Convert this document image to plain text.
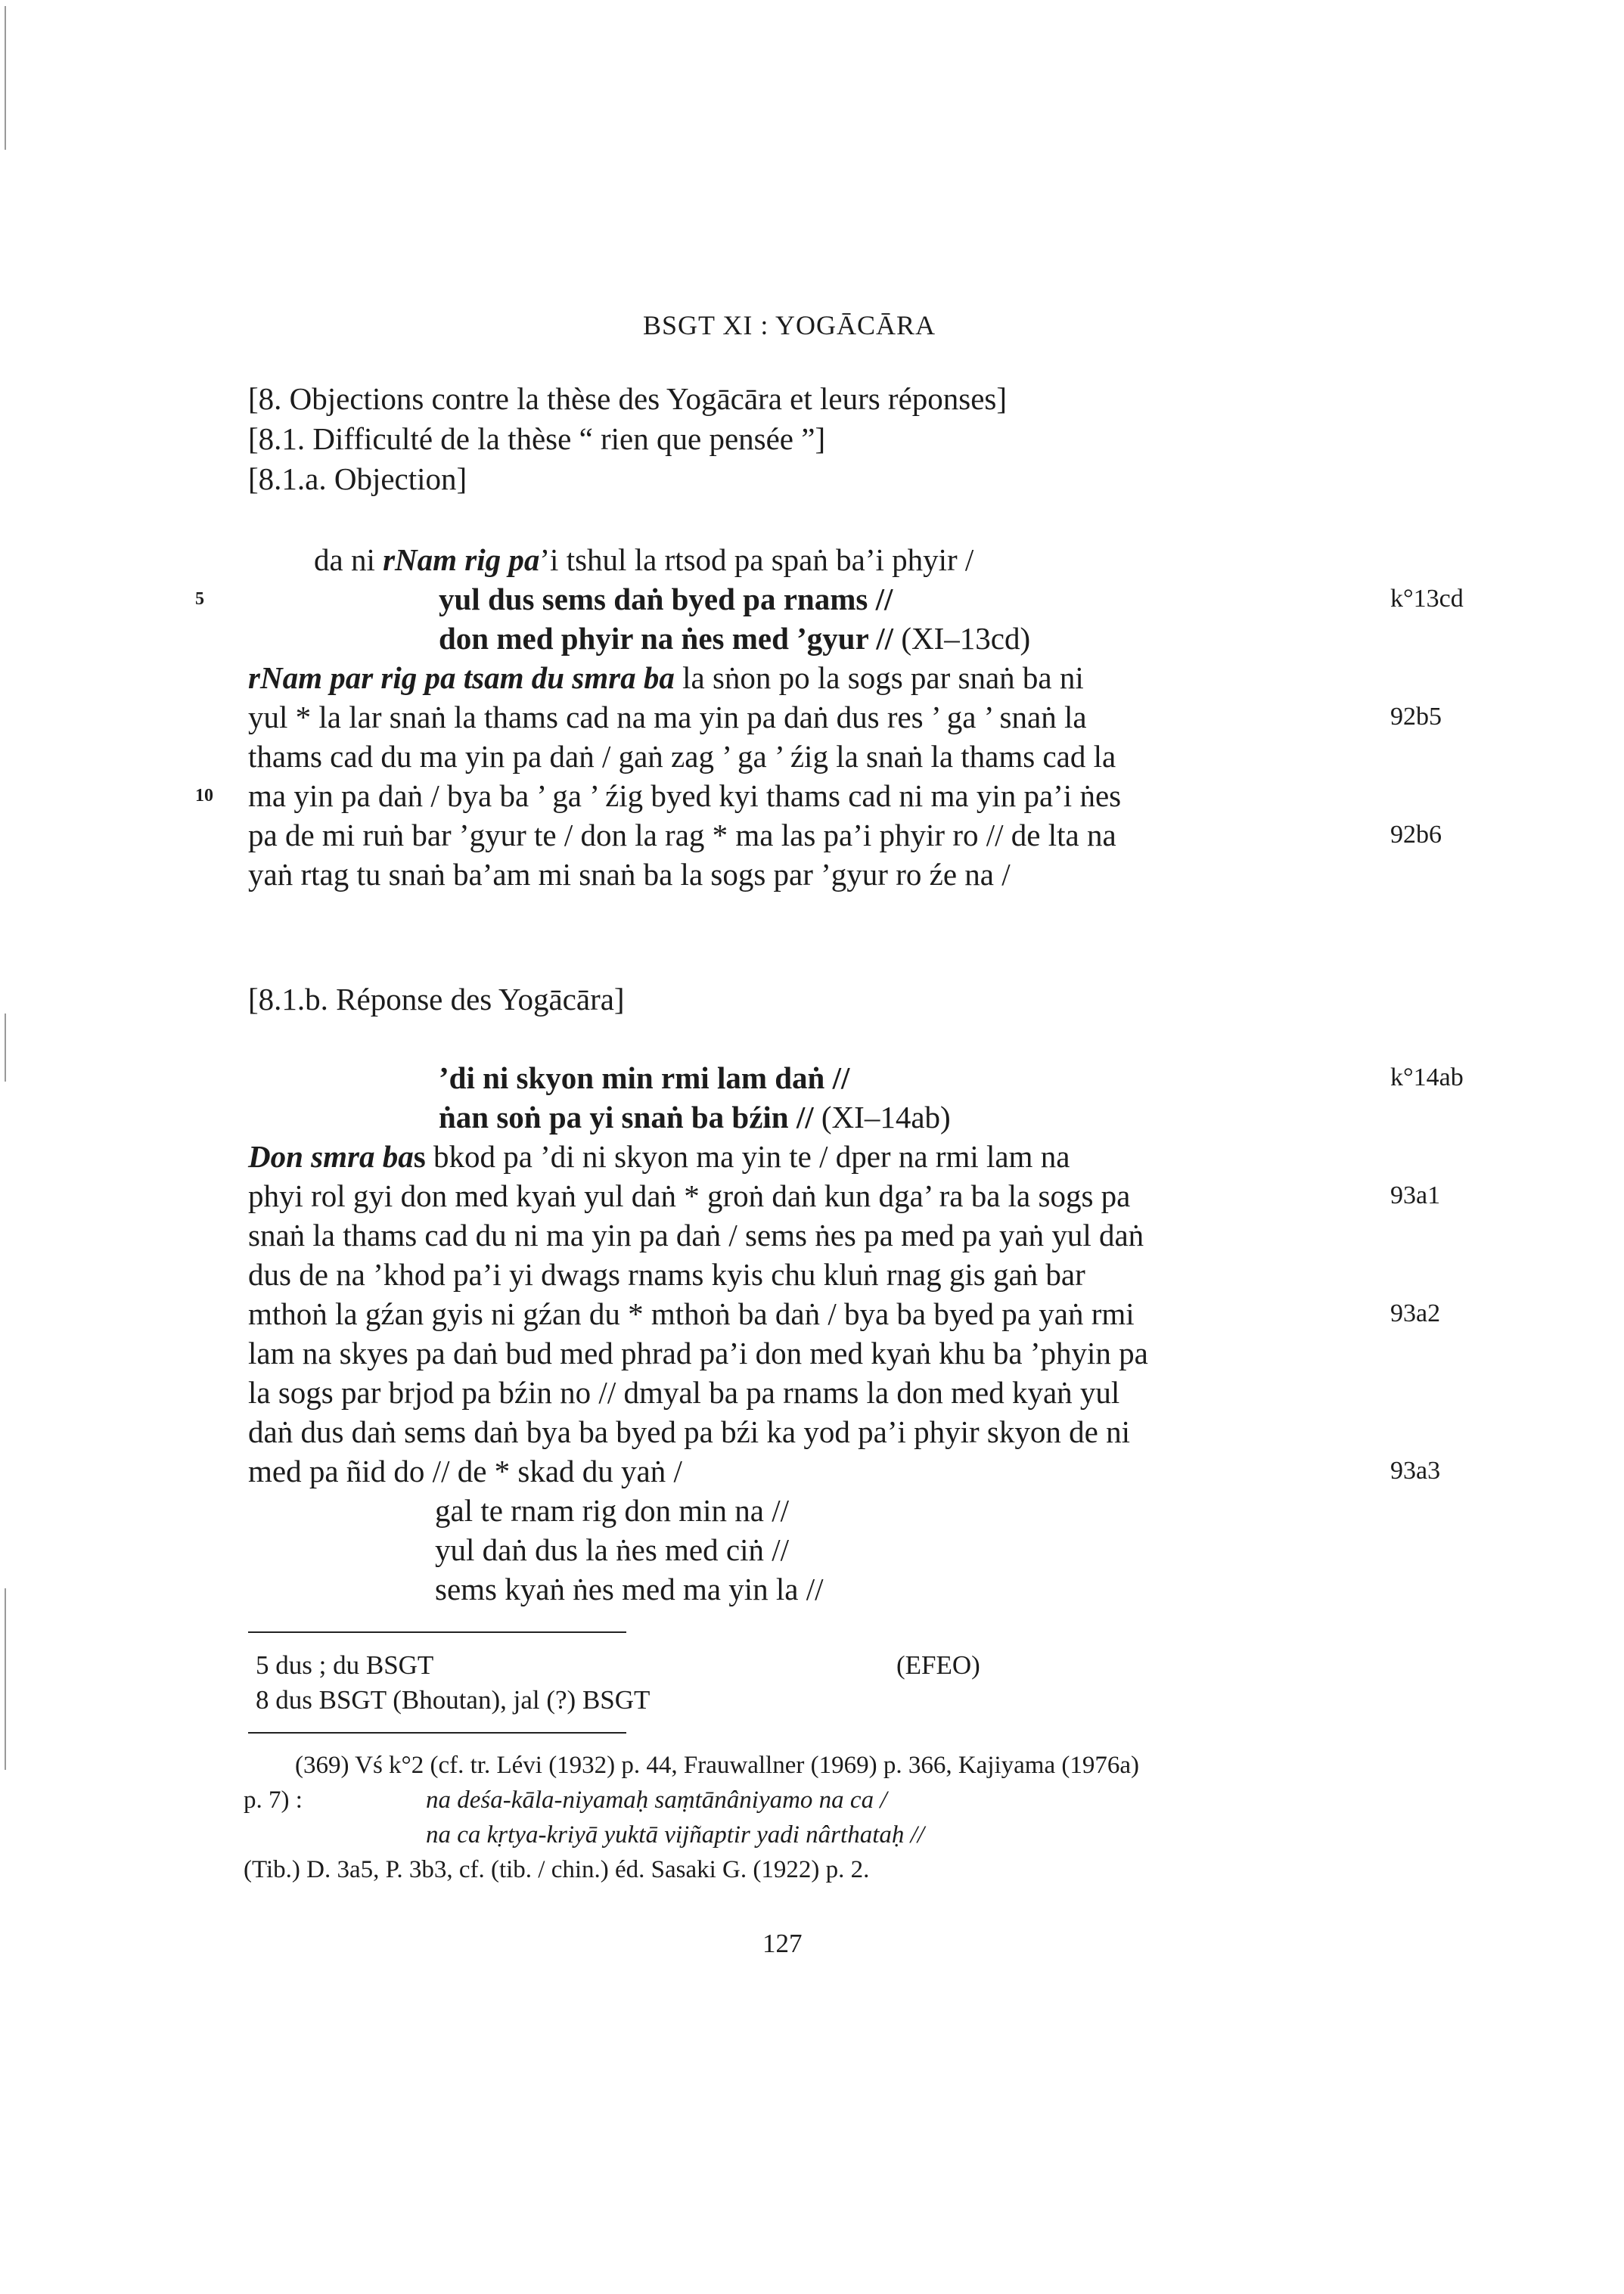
BSGT XI : YOGĀCĀRA
[8. Objections contre la thèse des Yogācāra et leurs réponses]
[8.1. Difficulté de la thèse “ rien que pensée ”]
[8.1.a. Objection]
da ni rNam rig pa’i tshul la rtsod pa spaṅ ba’i phyir /
5	yul dus sems daṅ byed pa rnams //	k°13cd
don med phyir na ṅes med ’gyur // (XI–13cd)
rNam par rig pa tsam du smra ba la sṅon po la sogs par snaṅ ba ni
yul * la lar snaṅ la thams cad na ma yin pa daṅ dus res ’ ga ’ snaṅ la	92b5
thams cad du ma yin pa daṅ / gaṅ zag ’ ga ’ źig la snaṅ la thams cad la
10 ma yin pa daṅ / bya ba ’ ga ’ źig byed kyi thams cad ni ma yin pa’i ṅes
pa de mi ruṅ bar ’gyur te / don la rag * ma las pa’i phyir ro // de lta na	92b6
yaṅ rtag tu snaṅ ba’am mi snaṅ ba la sogs par ’gyur ro źe na /
[8.1.b. Réponse des Yogācāra]
’di ni skyon min rmi lam daṅ //	k°14ab
ṅan soṅ pa yi snaṅ ba bźin // (XI–14ab)
Don smra bas bkod pa ’di ni skyon ma yin te / dper na rmi lam na
phyi rol gyi don med kyaṅ yul daṅ * groṅ daṅ kun dga’ ra ba la sogs pa	93a1
snaṅ la thams cad du ni ma yin pa daṅ / sems ṅes pa med pa yaṅ yul daṅ
dus de na ’khod pa’i yi dwags rnams kyis chu kluṅ rnag gis gaṅ bar
mthoṅ la gźan gyis ni gźan du * mthoṅ ba daṅ / bya ba byed pa yaṅ rmi	93a2
lam na skyes pa daṅ bud med phrad pa’i don med kyaṅ khu ba ’phyin pa
la sogs par brjod pa bźin no // dmyal ba pa rnams la don med kyaṅ yul
daṅ dus daṅ sems daṅ bya ba byed pa bźi ka yod pa’i phyir skyon de ni
med pa ñid do // de * skad du yaṅ /	93a3
gal te rnam rig don min na //
yul daṅ dus la ṅes med ciṅ //
sems kyaṅ ṅes med ma yin la //
5 dus ; du BSGT	(EFEO)
8 dus BSGT (Bhoutan), jal (?) BSGT
(369) Vś k°2 (cf. tr. Lévi (1932) p. 44, Frauwallner (1969) p. 366, Kajiyama (1976a)
p. 7) :	na deśa-kāla-niyamaḥ saṃtānâniyamo na ca /
na ca kṛtya-kriyā yuktā vijñaptir yadi nârthataḥ //
(Tib.) D. 3a5, P. 3b3, cf. (tib. / chin.) éd. Sasaki G. (1922) p. 2.
127
